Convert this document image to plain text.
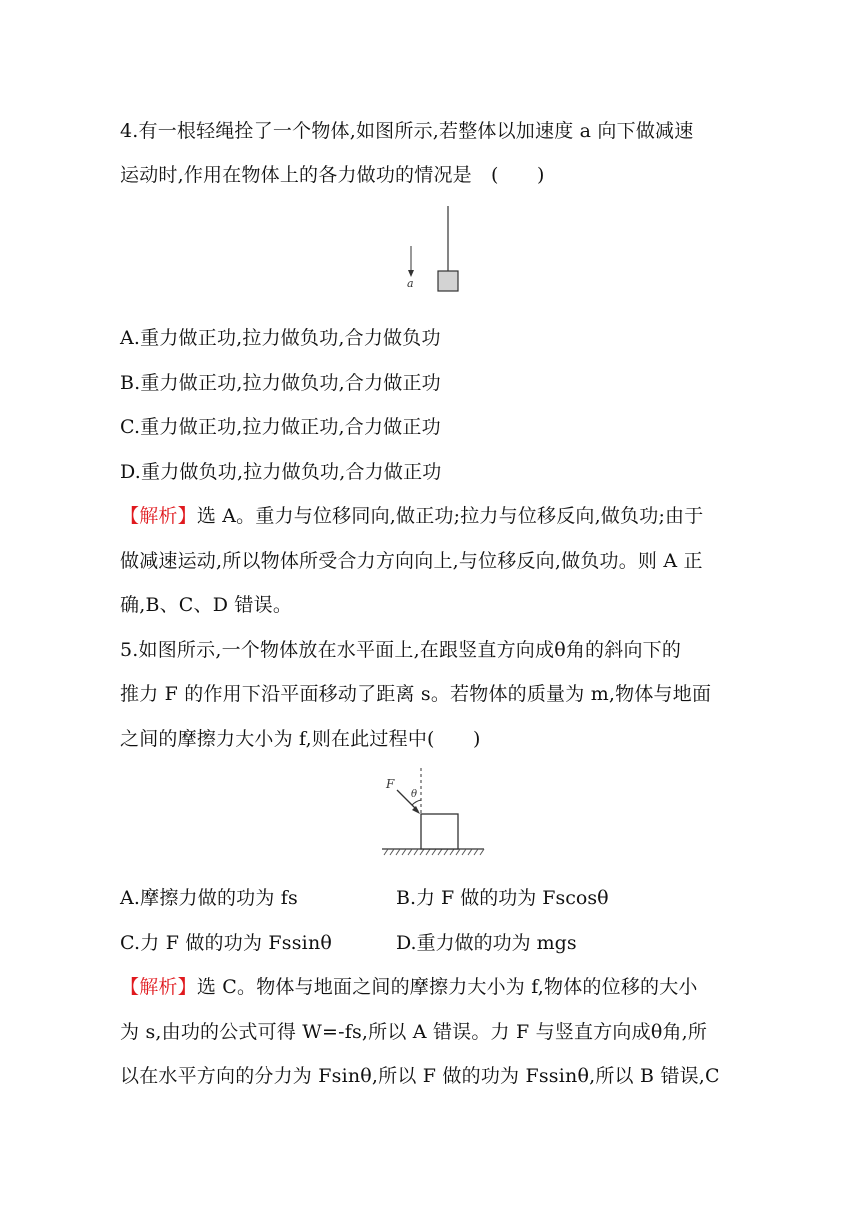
4.有一根轻绳拴了一个物体,如图所示,若整体以加速度 a 向下做减速
运动时,作用在物体上的各力做功的情况是　(　　)
a
A.重力做正功,拉力做负功,合力做负功
B.重力做正功,拉力做负功,合力做正功
C.重力做正功,拉力做正功,合力做正功
D.重力做负功,拉力做负功,合力做正功
【解析】选 A。重力与位移同向,做正功;拉力与位移反向,做负功;由于
做减速运动,所以物体所受合力方向向上,与位移反向,做负功。则 A 正
确,B、C、D 错误。
5.如图所示,一个物体放在水平面上,在跟竖直方向成θ角的斜向下的
推力 F 的作用下沿平面移动了距离 s。若物体的质量为 m,物体与地面
之间的摩擦力大小为 f,则在此过程中(　　)
F
θ
A.摩擦力做的功为 fs	B.力 F 做的功为 Fscosθ
C.力 F 做的功为 Fssinθ	D.重力做的功为 mgs
【解析】选 C。物体与地面之间的摩擦力大小为 f,物体的位移的大小
为 s,由功的公式可得 W=-fs,所以 A 错误。力 F 与竖直方向成θ角,所
以在水平方向的分力为 Fsinθ,所以 F 做的功为 Fssinθ,所以 B 错误,C
